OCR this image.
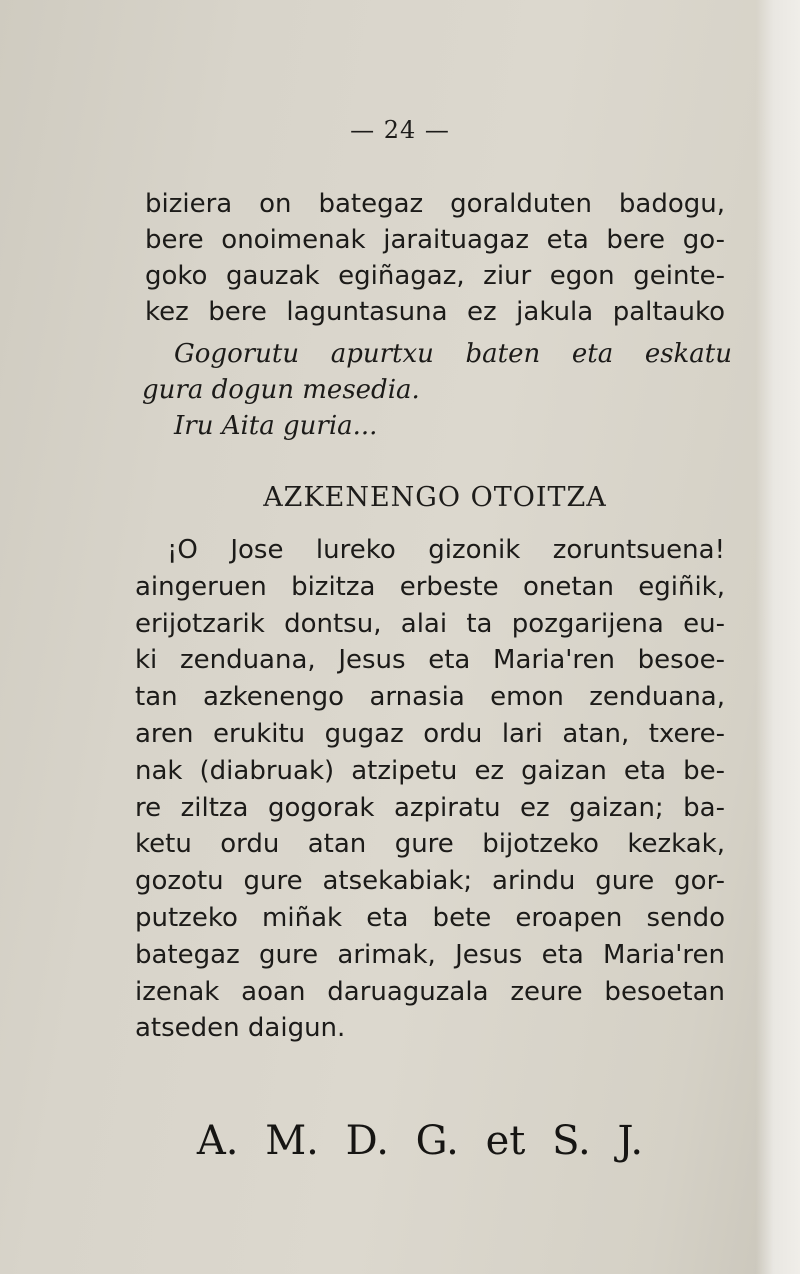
— 24 —
biziera on bategaz goralduten badogu,
bere onoimenak jaraituagaz eta bere go-
goko gauzak egiñagaz, ziur egon geinte-
kez bere laguntasuna ez jakula paltauko
Gogorutu apurtxu baten eta eskatu
gura dogun mesedia.
Iru Aita guria...
AZKENENGO OTOITZA
¡O Jose lureko gizonik zoruntsuena!
aingeruen bizitza erbeste onetan egiñik,
erijotzarik dontsu, alai ta pozgarijena eu-
ki zenduana, Jesus eta Maria'ren besoe-
tan azkenengo arnasia emon zenduana,
aren erukitu gugaz ordu lari atan, txere-
nak (diabruak) atzipetu ez gaizan eta be-
re ziltza gogorak azpiratu ez gaizan; ba-
ketu ordu atan gure bijotzeko kezkak,
gozotu gure atsekabiak; arindu gure gor-
putzeko miñak eta bete eroapen sendo
bategaz gure arimak, Jesus eta Maria'ren
izenak aoan daruaguzala zeure besoetan
atseden daigun.
A. M. D. G. et S. J.
